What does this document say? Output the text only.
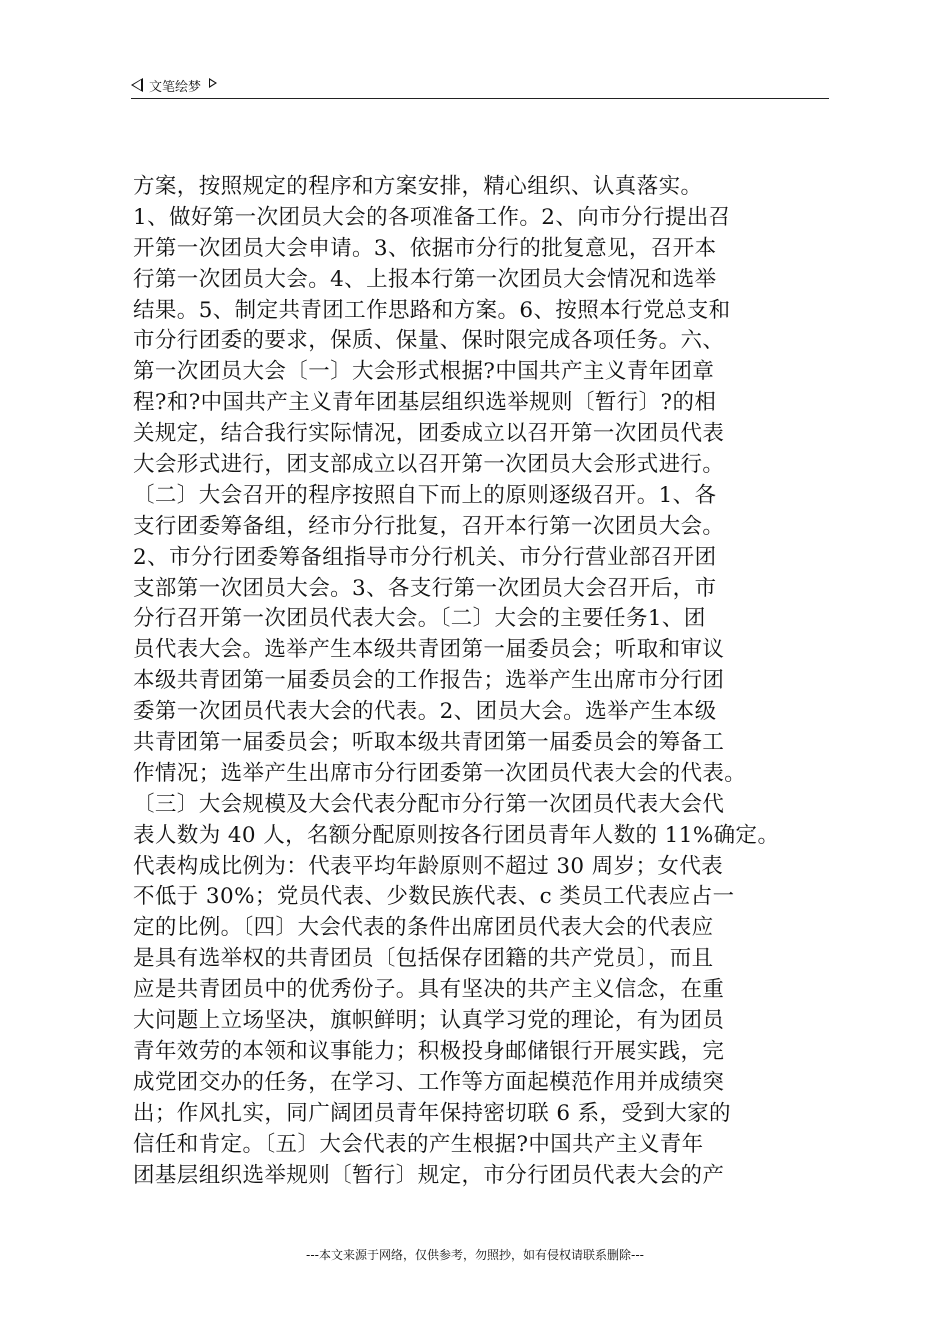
文笔绘梦
方案，按照规定的程序和方案安排，精心组织、认真落实。
1、做好第一次团员大会的各项准备工作。2、向市分行提出召
开第一次团员大会申请。3、依据市分行的批复意见，召开本
行第一次团员大会。4、上报本行第一次团员大会情况和选举
结果。5、制定共青团工作思路和方案。6、按照本行党总支和
市分行团委的要求，保质、保量、保时限完成各项任务。六、
第一次团员大会〔一〕大会形式根据?中国共产主义青年团章
程?和?中国共产主义青年团基层组织选举规则〔暂行〕?的相
关规定，结合我行实际情况，团委成立以召开第一次团员代表
大会形式进行，团支部成立以召开第一次团员大会形式进行。
〔二〕大会召开的程序按照自下而上的原则逐级召开。1、各
支行团委筹备组，经市分行批复，召开本行第一次团员大会。
2、市分行团委筹备组指导市分行机关、市分行营业部召开团
支部第一次团员大会。3、各支行第一次团员大会召开后，市
分行召开第一次团员代表大会。〔二〕大会的主要任务1、团
员代表大会。选举产生本级共青团第一届委员会；听取和审议
本级共青团第一届委员会的工作报告；选举产生出席市分行团
委第一次团员代表大会的代表。2、团员大会。选举产生本级
共青团第一届委员会；听取本级共青团第一届委员会的筹备工
作情况；选举产生出席市分行团委第一次团员代表大会的代表。
〔三〕大会规模及大会代表分配市分行第一次团员代表大会代
表人数为 40 人，名额分配原则按各行团员青年人数的 11%确定。
代表构成比例为：代表平均年龄原则不超过 30 周岁；女代表
不低于 30%；党员代表、少数民族代表、c 类员工代表应占一
定的比例。〔四〕大会代表的条件出席团员代表大会的代表应
是具有选举权的共青团员〔包括保存团籍的共产党员〕，而且
应是共青团员中的优秀份子。具有坚决的共产主义信念，在重
大问题上立场坚决，旗帜鲜明；认真学习党的理论，有为团员
青年效劳的本领和议事能力；积极投身邮储银行开展实践，完
成党团交办的任务，在学习、工作等方面起模范作用并成绩突
出；作风扎实，同广阔团员青年保持密切联 6 系，受到大家的
信任和肯定。〔五〕大会代表的产生根据?中国共产主义青年
团基层组织选举规则〔暂行〕规定，市分行团员代表大会的产
---本文来源于网络，仅供参考，勿照抄，如有侵权请联系删除---
